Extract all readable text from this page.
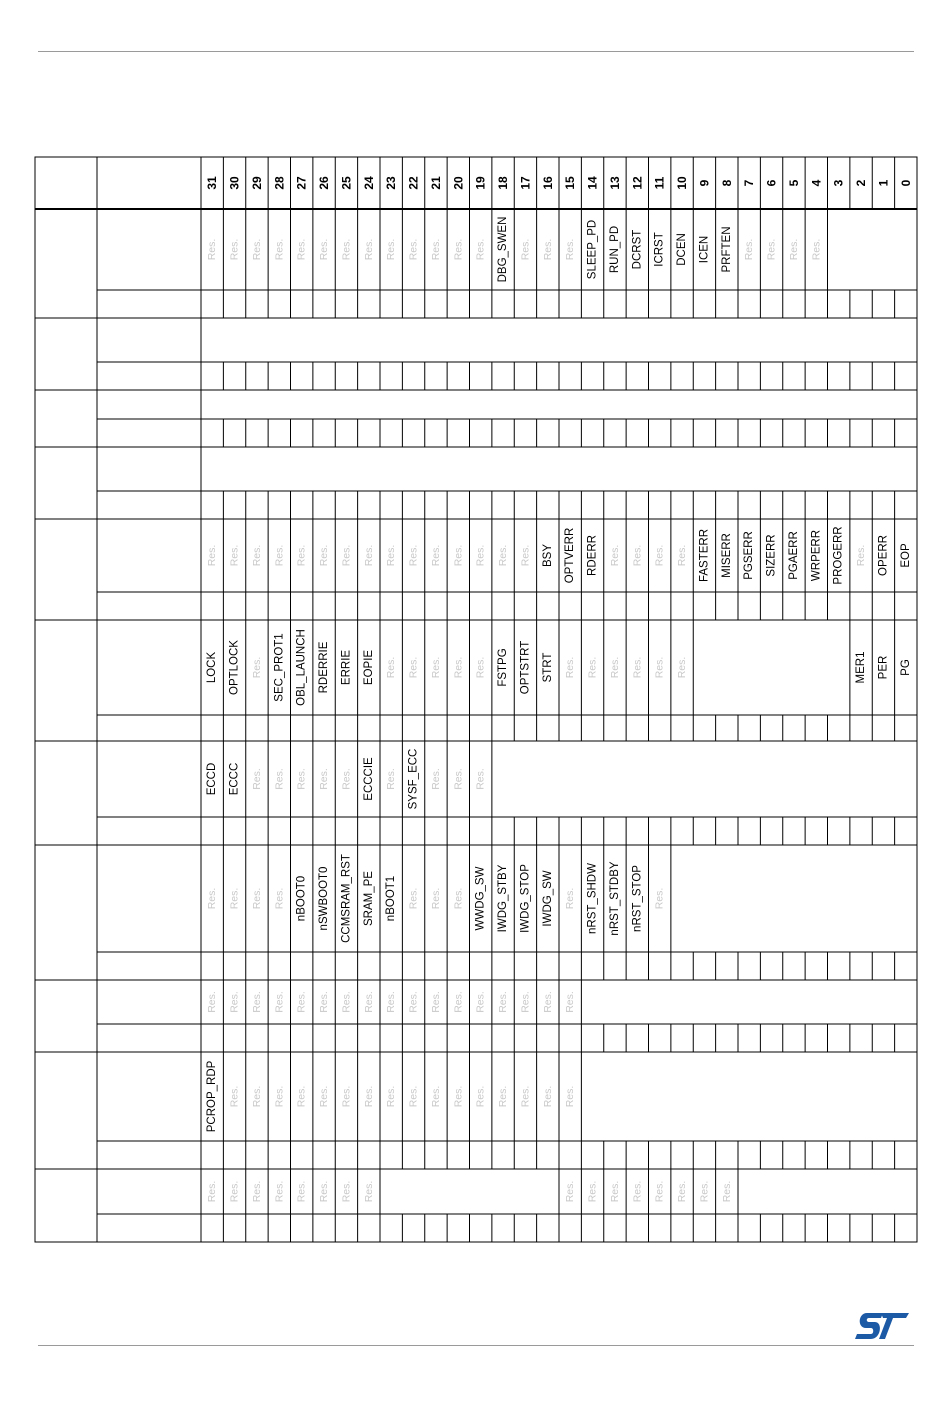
31 30 29 28 27 26 25 24 23 22 21 20 19 18 17 16 15 14 13 12 11 10 9 8 7 6 5 4 3 2 1 0
Res. Res. Res. Res. Res. Res. Res. Res. Res. Res. Res. Res. Res. DBG_SWEN Res. Res. Res. SLEEP_PD RUN_PD DCRST ICRST DCEN ICEN PRFTEN Res. Res. Res. Res.
Res. Res. Res. Res. Res. Res. Res. Res. Res. Res. Res. Res. Res. Res. Res. BSY OPTVERR RDERR Res. Res. Res. Res. FASTERR MISERR PGSERR SIZERR PGAERR WRPERR PROGERR Res. OPERR EOP
LOCK OPTLOCK Res. SEC_PROT1 OBL_LAUNCH RDERRIE ERRIE EOPIE Res. Res. Res. Res. Res. FSTPG OPTSTRT STRT Res. Res. Res. Res. Res. Res.	MER1 PER PG
ECCD ECCC Res. Res. Res. Res. Res. ECCCIE Res. SYSF_ECC Res. Res. Res.
Res. Res. Res. Res. nBOOT0 nSWBOOT0 CCMSRAM_RST SRAM_PE nBOOT1 Res. Res. Res. WWDG_SW IWDG_STBY IWDG_STOP IWDG_SW Res. nRST_SHDW nRST_STDBY nRST_STOP Res.
Res. Res. Res. Res. Res. Res. Res. Res. Res. Res. Res. Res. Res. Res. Res. Res. Res.
PCROP_RDP Res. Res. Res. Res. Res. Res. Res. Res. Res. Res. Res. Res. Res. Res. Res. Res.
Res. Res. Res. Res. Res. Res. Res. Res.	Res. Res. Res. Res. Res. Res. Res. Res.
